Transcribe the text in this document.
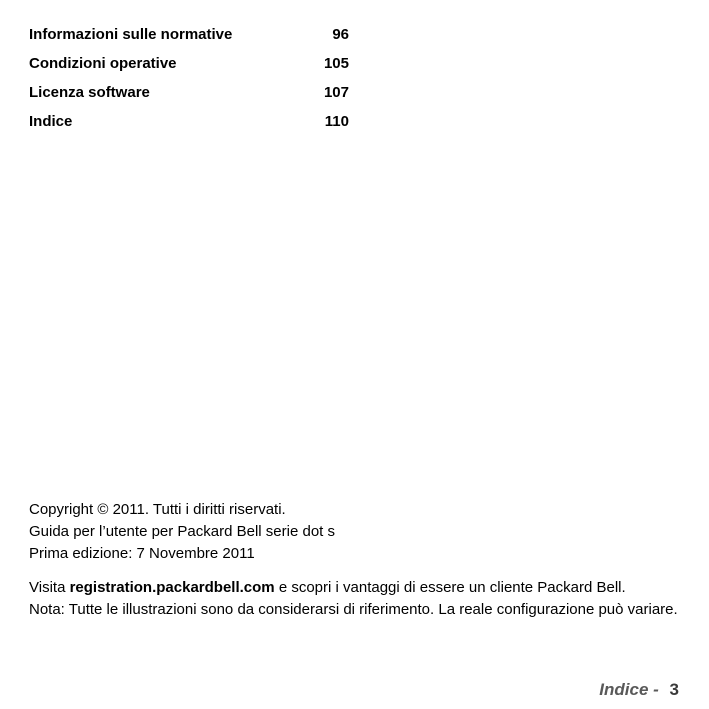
Informazioni sulle normative	96
Condizioni operative	105
Licenza software	107
Indice	110

Copyright © 2011. Tutti i diritti riservati.

Guida per l’utente per Packard Bell serie dot s

Prima edizione: 7 Novembre 2011

Visita registration.packardbell.com e scopri i vantaggi di essere un cliente Packard Bell.

Nota: Tutte le illustrazioni sono da considerarsi di riferimento. La reale configurazione può variare.

Indice - 3
